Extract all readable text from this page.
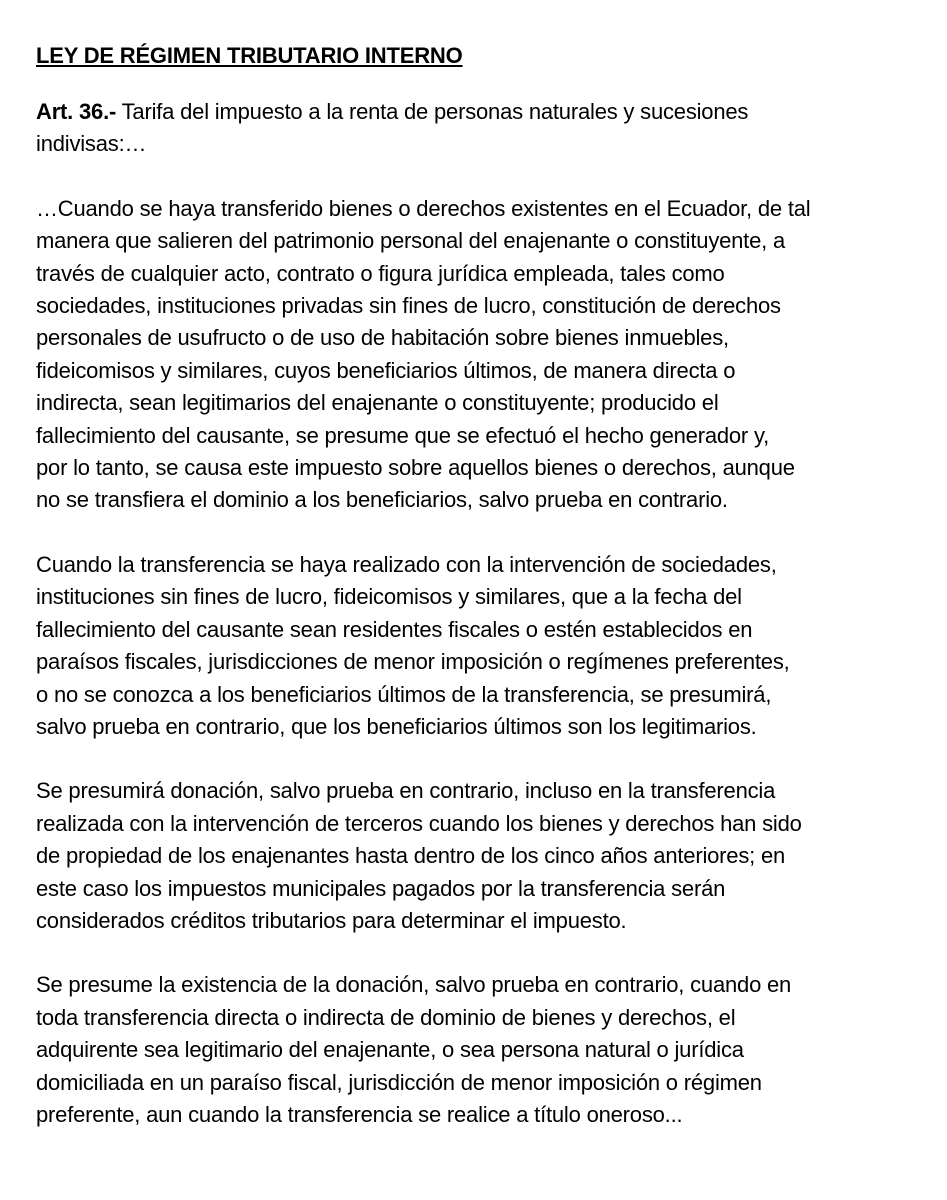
LEY DE RÉGIMEN TRIBUTARIO INTERNO
Art. 36.- Tarifa del impuesto a la renta de personas naturales y sucesiones
indivisas:…
…Cuando se haya transferido bienes o derechos existentes en el Ecuador, de tal
manera que salieren del patrimonio personal del enajenante o constituyente, a
través de cualquier acto, contrato o figura jurídica empleada, tales como
sociedades, instituciones privadas sin fines de lucro, constitución de derechos
personales de usufructo o de uso de habitación sobre bienes inmuebles,
fideicomisos y similares, cuyos beneficiarios últimos, de manera directa o
indirecta, sean legitimarios del enajenante o constituyente; producido el
fallecimiento del causante, se presume que se efectuó el hecho generador y,
por lo tanto, se causa este impuesto sobre aquellos bienes o derechos, aunque
no se transfiera el dominio a los beneficiarios, salvo prueba en contrario.
Cuando la transferencia se haya realizado con la intervención de sociedades,
instituciones sin fines de lucro, fideicomisos y similares, que a la fecha del
fallecimiento del causante sean residentes fiscales o estén establecidos en
paraísos fiscales, jurisdicciones de menor imposición o regímenes preferentes,
o no se conozca a los beneficiarios últimos de la transferencia, se presumirá,
salvo prueba en contrario, que los beneficiarios últimos son los legitimarios.
Se presumirá donación, salvo prueba en contrario, incluso en la transferencia
realizada con la intervención de terceros cuando los bienes y derechos han sido
de propiedad de los enajenantes hasta dentro de los cinco años anteriores; en
este caso los impuestos municipales pagados por la transferencia serán
considerados créditos tributarios para determinar el impuesto.
Se presume la existencia de la donación, salvo prueba en contrario, cuando en
toda transferencia directa o indirecta de dominio de bienes y derechos, el
adquirente sea legitimario del enajenante, o sea persona natural o jurídica
domiciliada en un paraíso fiscal, jurisdicción de menor imposición o régimen
preferente, aun cuando la transferencia se realice a título oneroso...
